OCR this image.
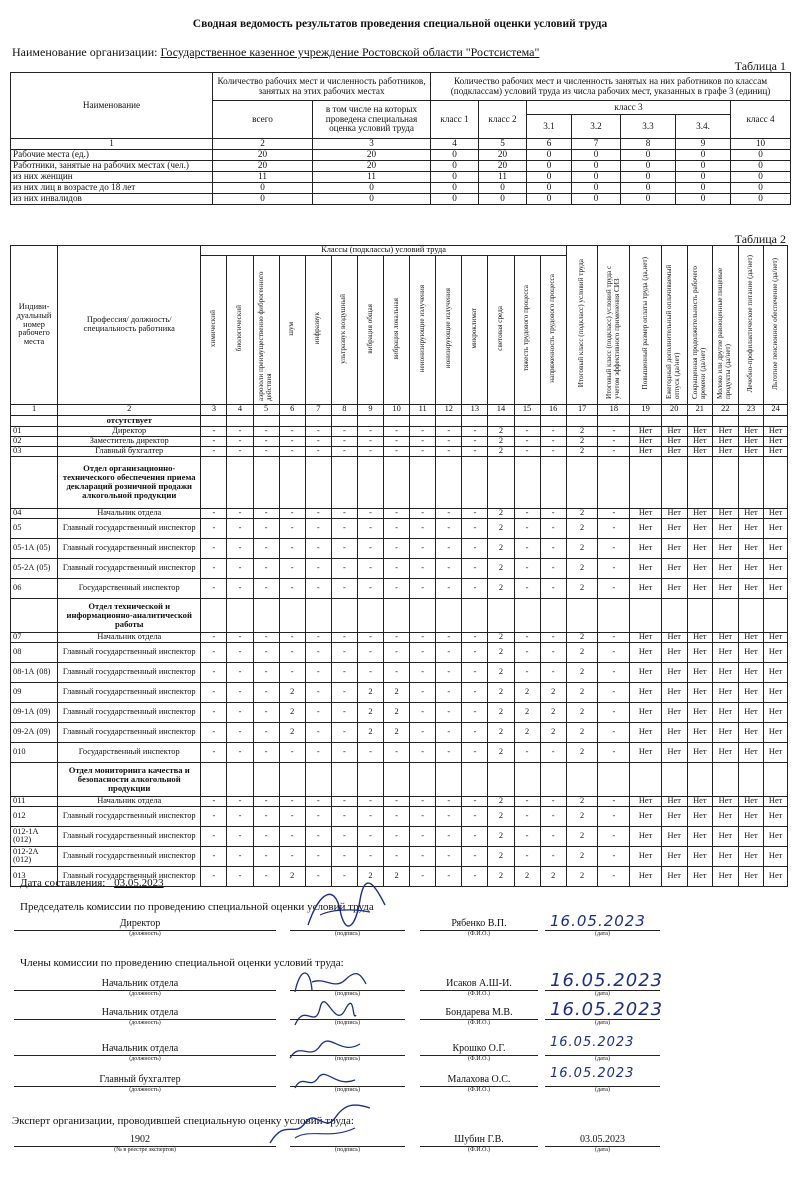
Сводная ведомость результатов проведения специальной оценки условий труда
Наименование организации: Государственное казенное учреждение Ростовской области "Ростсистема"
Таблица 1
Наименование	Количество рабочих мест и численность работников, занятых на этих рабочих местах		Количество рабочих мест и численность занятых на них работников по классам (подклассам) условий труда из числа рабочих мест, указанных в графе 3 (единиц)						
	всего	в том числе на которых проведена специальная оценка условий труда	класс 1	класс 2	класс 3				класс 4
					3.1	3.2	3.3	3.4.	
1	2	3	4	5	6	7	8	9	10
Рабочие места (ед.)	20	20	0	20	0	0	0	0	0
Работники, занятые на рабочих местах (чел.)	20	20	0	20	0	0	0	0	0
из них женщин	11	11	0	11	0	0	0	0	0
из них лиц в возрасте до 18 лет	0	0	0	0	0	0	0	0	0
из них инвалидов	0	0	0	0	0	0	0	0	0
Таблица 2
Индиви-дуальный номер рабочего места	Профессия/ должность/ специальность работника	Классы (подклассы) условий труда														Итоговый класс (подкласс) условий труда	Итоговый класс (подкласс) условий труда с учетом эффективного применения СИЗ	Повышенный размер оплаты труда (да,нет)	Ежегодный дополнительный оплачиваемый отпуск (да/нет)	Сокращенная продолжительность рабочего времени (да/нет)	Молоко или другие равноценные пищевые продукты (да/нет)	Лечебно-профилактическое питание (да/нет)	Льготное пенсионное обеспечение (да/нет)
		химический	биологический	аэрозоли преимущественно фиброгенного действия	шум	инфразвук	ультразвук воздушный	вибрация общая	вибрация локальная	неионизирующие излучения	ионизирующие излучения	микроклимат	световая среда	тяжесть трудового процесса	напряженность трудового процесса								
1	2	3	4	5	6	7	8	9	10	11	12	13	14	15	16	17	18	19	20	21	22	23	24
	отсутствует																						
01	Директор	-	-	-	-	-	-	-	-	-	-	-	2	-	-	2	-	Нет	Нет	Нет	Нет	Нет	Нет
02	Заместитель директор	-	-	-	-	-	-	-	-	-	-	-	2	-	-	2	-	Нет	Нет	Нет	Нет	Нет	Нет
03	Главный бухгалтер	-	-	-	-	-	-	-	-	-	-	-	2	-	-	2	-	Нет	Нет	Нет	Нет	Нет	Нет
	Отдел организационно-технического обеспечения приема деклараций розничной продажи алкогольной продукции																						
04	Начальник отдела	-	-	-	-	-	-	-	-	-	-	-	2	-	-	2	-	Нет	Нет	Нет	Нет	Нет	Нет
05	Главный государственный инспектор	-	-	-	-	-	-	-	-	-	-	-	2	-	-	2	-	Нет	Нет	Нет	Нет	Нет	Нет
05-1А (05)	Главный государственный инспектор	-	-	-	-	-	-	-	-	-	-	-	2	-	-	2	-	Нет	Нет	Нет	Нет	Нет	Нет
05-2А (05)	Главный государственный инспектор	-	-	-	-	-	-	-	-	-	-	-	2	-	-	2	-	Нет	Нет	Нет	Нет	Нет	Нет
06	Государственный инспектор	-	-	-	-	-	-	-	-	-	-	-	2	-	-	2	-	Нет	Нет	Нет	Нет	Нет	Нет
	Отдел технической и информационно-аналитической работы																						
07	Начальник отдела	-	-	-	-	-	-	-	-	-	-	-	2	-	-	2	-	Нет	Нет	Нет	Нет	Нет	Нет
08	Главный государственный инспектор	-	-	-	-	-	-	-	-	-	-	-	2	-	-	2	-	Нет	Нет	Нет	Нет	Нет	Нет
08-1А (08)	Главный государственный инспектор	-	-	-	-	-	-	-	-	-	-	-	2	-	-	2	-	Нет	Нет	Нет	Нет	Нет	Нет
09	Главный государственный инспектор	-	-	-	2	-	-	2	2	-	-	-	2	2	2	2	-	Нет	Нет	Нет	Нет	Нет	Нет
09-1А (09)	Главный государственный инспектор	-	-	-	2	-	-	2	2	-	-	-	2	2	2	2	-	Нет	Нет	Нет	Нет	Нет	Нет
09-2А (09)	Главный государственный инспектор	-	-	-	2	-	-	2	2	-	-	-	2	2	2	2	-	Нет	Нет	Нет	Нет	Нет	Нет
010	Государственный инспектор	-	-	-	-	-	-	-	-	-	-	-	2	-	-	2	-	Нет	Нет	Нет	Нет	Нет	Нет
	Отдел мониторинга качества и безопасности алкогольной продукции																						
011	Начальник отдела	-	-	-	-	-	-	-	-	-	-	-	2	-	-	2	-	Нет	Нет	Нет	Нет	Нет	Нет
012	Главный государственный инспектор	-	-	-	-	-	-	-	-	-	-	-	2	-	-	2	-	Нет	Нет	Нет	Нет	Нет	Нет
012-1А (012)	Главный государственный инспектор	-	-	-	-	-	-	-	-	-	-	-	2	-	-	2	-	Нет	Нет	Нет	Нет	Нет	Нет
012-2А (012)	Главный государственный инспектор	-	-	-	-	-	-	-	-	-	-	-	2	-	-	2	-	Нет	Нет	Нет	Нет	Нет	Нет
013	Главный государственный инспектор	-	-	-	2	-	-	2	2	-	-	-	2	2	2	2	-	Нет	Нет	Нет	Нет	Нет	Нет
Дата составления: 03.05.2023
Председатель комиссии по проведению специальной оценки условий труда
Директор
(должность)	(подпись)	(Ф.И.О.)	(дата)
Рябенко В.П.	16.05.2023
Начальник отдела
(должность)	(подпись)	(Ф.И.О.)	(дата)
Исаков А.Ш-И.	16.05.2023
Начальник отдела
(должность)	(подпись)	(Ф.И.О.)	(дата)
Бондарева М.В.	16.05.2023
Начальник отдела
(должность)	(подпись)	(Ф.И.О.)	(дата)
Крошко О.Г.	16.05.2023
Главный бухгалтер
(должность)	(подпись)	(Ф.И.О.)	(дата)
Малахова О.С.	16.05.2023
1902
(№ в реестре экспертов)	(подпись)	(Ф.И.О.)	(дата)
Шубин Г.В.	03.05.2023
Члены комиссии по проведению специальной оценки условий труда:
Эксперт организации, проводившей специальную оценку условий труда:
